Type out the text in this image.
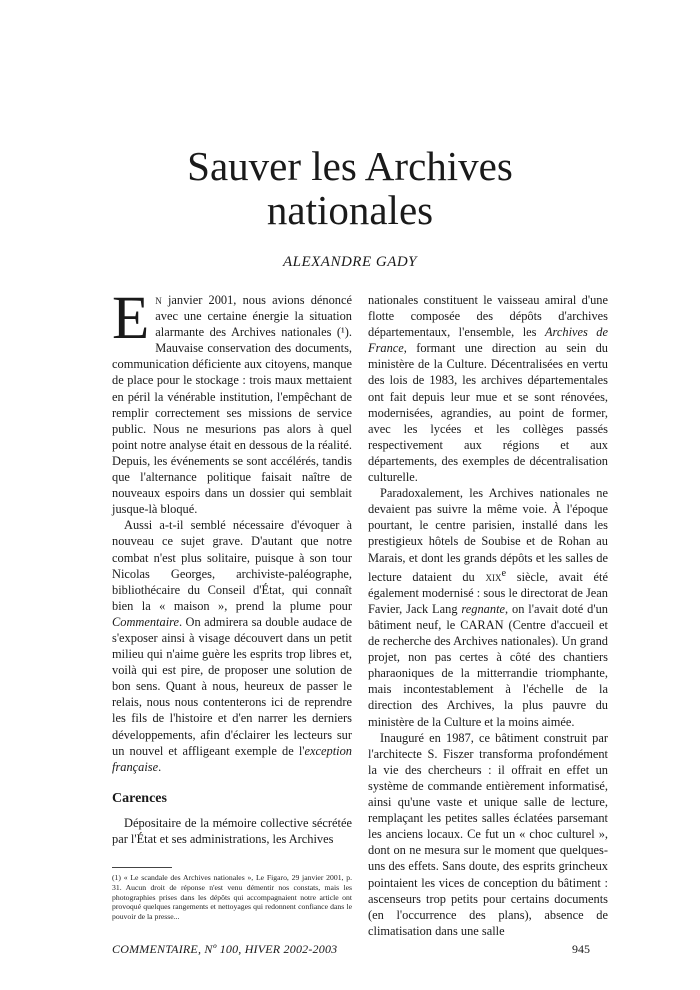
Sauver les Archives
nationales
ALEXANDRE GADY

En janvier 2001, nous avions dénoncé avec une certaine énergie la situation alarmante des Archives nationales (¹). Mauvaise conservation des documents, communication déficiente aux citoyens, manque de place pour le stockage : trois maux mettaient en péril la vénérable institution, l'empêchant de remplir correctement ses missions de service public. Nous ne mesurions pas alors à quel point notre analyse était en dessous de la réalité. Depuis, les événements se sont accélérés, tandis que l'alternance politique faisait naître de nouveaux espoirs dans un dossier qui semblait jusque-là bloqué.

Aussi a-t-il semblé nécessaire d'évoquer à nouveau ce sujet grave. D'autant que notre combat n'est plus solitaire, puisque à son tour Nicolas Georges, archiviste-paléographe, bibliothécaire du Conseil d'État, qui connaît bien la « maison », prend la plume pour Commentaire. On admirera sa double audace de s'exposer ainsi à visage découvert dans un petit milieu qui n'aime guère les esprits trop libres et, voilà qui est pire, de proposer une solution de bon sens. Quant à nous, heureux de passer le relais, nous nous contenterons ici de reprendre les fils de l'histoire et d'en narrer les derniers développements, afin d'éclairer les lecteurs sur un nouvel et affligeant exemple de l'exception française.

Carences

Dépositaire de la mémoire collective sécrétée par l'État et ses administrations, les Archives

(1) « Le scandale des Archives nationales », Le Figaro, 29 janvier 2001, p. 31. Aucun droit de réponse n'est venu démentir nos constats, mais les photographies prises dans les dépôts qui accompagnaient notre article ont provoqué quelques rangements et nettoyages qui redonnent confiance dans le pouvoir de la presse...

nationales constituent le vaisseau amiral d'une flotte composée des dépôts d'archives départementaux, l'ensemble, les Archives de France, formant une direction au sein du ministère de la Culture. Décentralisées en vertu des lois de 1983, les archives départementales ont fait depuis leur mue et se sont rénovées, modernisées, agrandies, au point de former, avec les lycées et les collèges passés respectivement aux régions et aux départements, des exemples de décentralisation culturelle.

Paradoxalement, les Archives nationales ne devaient pas suivre la même voie. À l'époque pourtant, le centre parisien, installé dans les prestigieux hôtels de Soubise et de Rohan au Marais, et dont les grands dépôts et les salles de lecture dataient du xix$^e$ siècle, avait été également modernisé : sous le directorat de Jean Favier, Jack Lang regnante, on l'avait doté d'un bâtiment neuf, le CARAN (Centre d'accueil et de recherche des Archives nationales). Un grand projet, non pas certes à côté des chantiers pharaoniques de la mitterrandie triomphante, mais incontestablement à l'échelle de la direction des Archives, la plus pauvre du ministère de la Culture et la moins aimée.

Inauguré en 1987, ce bâtiment construit par l'architecte S. Fiszer transforma profondément la vie des chercheurs : il offrait en effet un système de commande entièrement informatisé, ainsi qu'une vaste et unique salle de lecture, remplaçant les petites salles éclatées parsemant les anciens locaux. Ce fut un « choc culturel », dont on ne mesura sur le moment que quelques-uns des effets. Sans doute, des esprits grincheux pointaient les vices de conception du bâtiment : ascenseurs trop petits pour certains documents (en l'occurrence des plans), absence de climatisation dans une salle

COMMENTAIRE, Nº 100, HIVER 2002-2003	945
